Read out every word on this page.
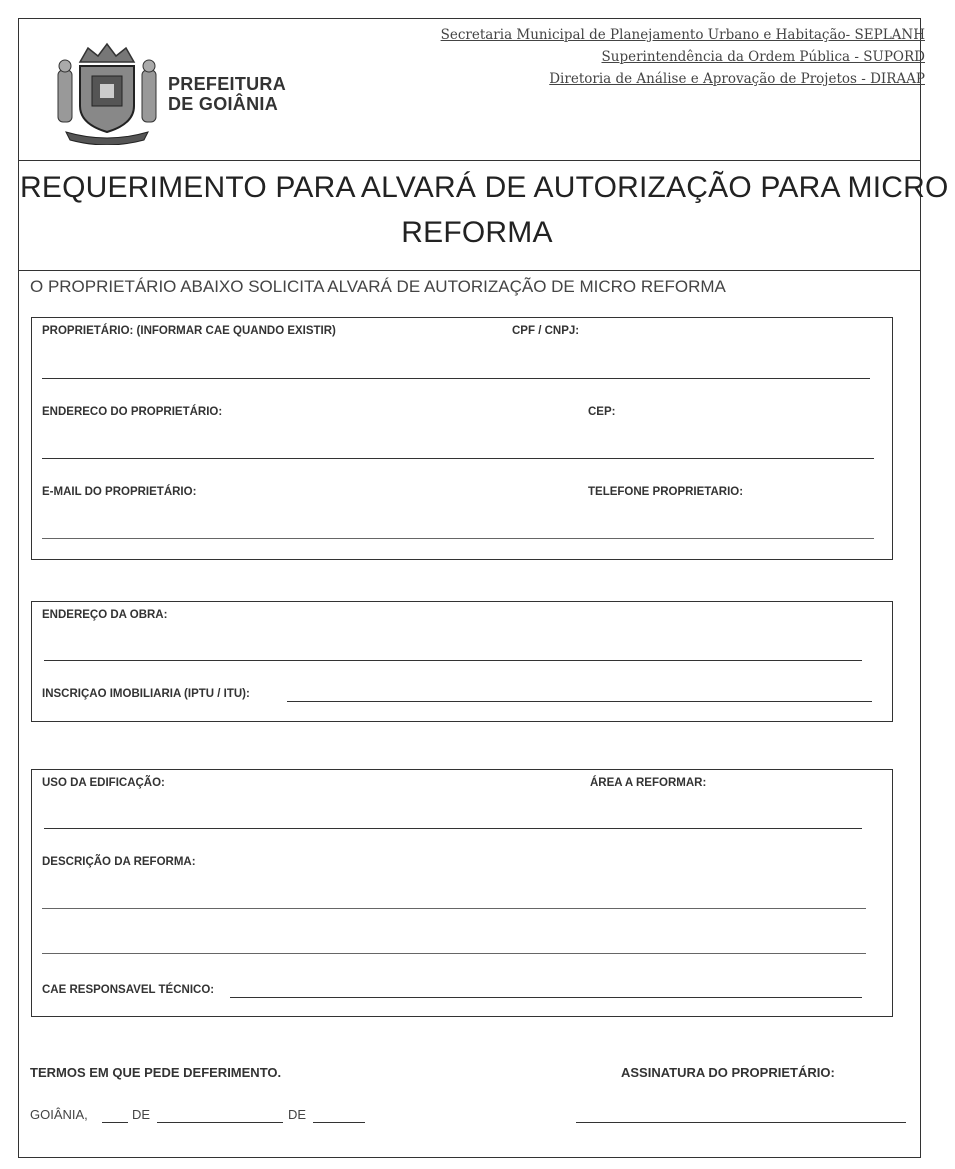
PREFEITURA
DE GOIÂNIA
Secretaria Municipal de Planejamento Urbano e Habitação- SEPLANH
Superintendência da Ordem Pública - SUPORD
Diretoria de Análise e Aprovação de Projetos - DIRAAP
REQUERIMENTO PARA ALVARÁ DE AUTORIZAÇÃO PARA MICRO
REFORMA
O PROPRIETÁRIO ABAIXO SOLICITA ALVARÁ DE AUTORIZAÇÃO DE MICRO REFORMA
PROPRIETÁRIO: (INFORMAR CAE QUANDO EXISTIR)	CPF / CNPJ:
ENDERECO DO PROPRIETÁRIO:	CEP:
E-MAIL DO PROPRIETÁRIO:	TELEFONE PROPRIETARIO:
ENDEREÇO DA OBRA:
INSCRIÇAO IMOBILIARIA (IPTU / ITU):
USO DA EDIFICAÇÃO:	ÁREA A REFORMAR:
DESCRIÇÃO DA REFORMA:
CAE RESPONSAVEL TÉCNICO:
TERMOS EM QUE PEDE DEFERIMENTO.	ASSINATURA DO PROPRIETÁRIO:
GOIÂNIA,	DE	DE
